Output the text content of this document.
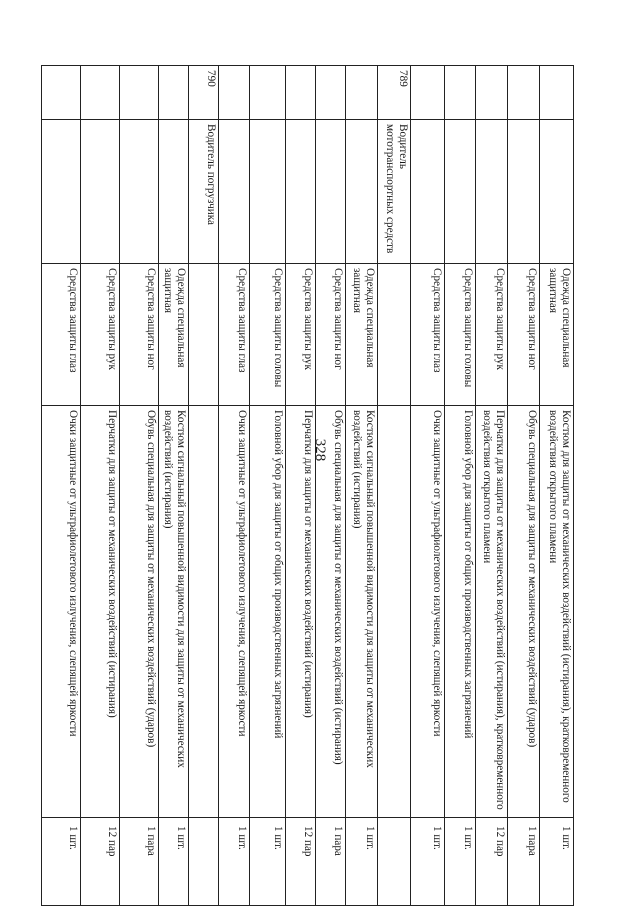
328
		Одежда специальная защитная	Костюм для защиты от механических воздействий (истирания), кратковременного воздействия открытого пламени	1 шт.
		Средства защиты ног	Обувь специальная для защиты от механических воздействий (ударов)	1 пара
		Средства защиты рук	Перчатки для защиты от механических воздействий (истирания), кратковременного воздействия открытого пламени	12 пар
		Средства защиты головы	Головной убор для защиты от общих производственных загрязнений	1 шт.
		Средства защиты глаз	Очки защитные от ультрафиолетового излучения, слепящей яркости	1 шт.
789	Водитель мототранспортных средств			
		Одежда специальная защитная	Костюм сигнальный повышенной видимости для защиты от механических воздействий (истирания)	1 шт.
		Средства защиты ног	Обувь специальная для защиты от механических воздействий (истирания)	1 пара
		Средства защиты рук	Перчатки для защиты от механических воздействий (истирания)	12 пар
		Средства защиты головы	Головной убор для защиты от общих производственных загрязнений	1 шт.
		Средства защиты глаз	Очки защитные от ультрафиолетового излучения, слепящей яркости	1 шт.
790	Водитель погрузчика			
		Одежда специальная защитная	Костюм сигнальный повышенной видимости для защиты от механических воздействий (истирания)	1 шт.
		Средства защиты ног	Обувь специальная для защиты от механических воздействий (ударов)	1 пара
		Средства защиты рук	Перчатки для защиты от механических воздействий (истирания)	12 пар
		Средства защиты глаз	Очки защитные от ультрафиолетового излучения, слепящей яркости	1 шт.
